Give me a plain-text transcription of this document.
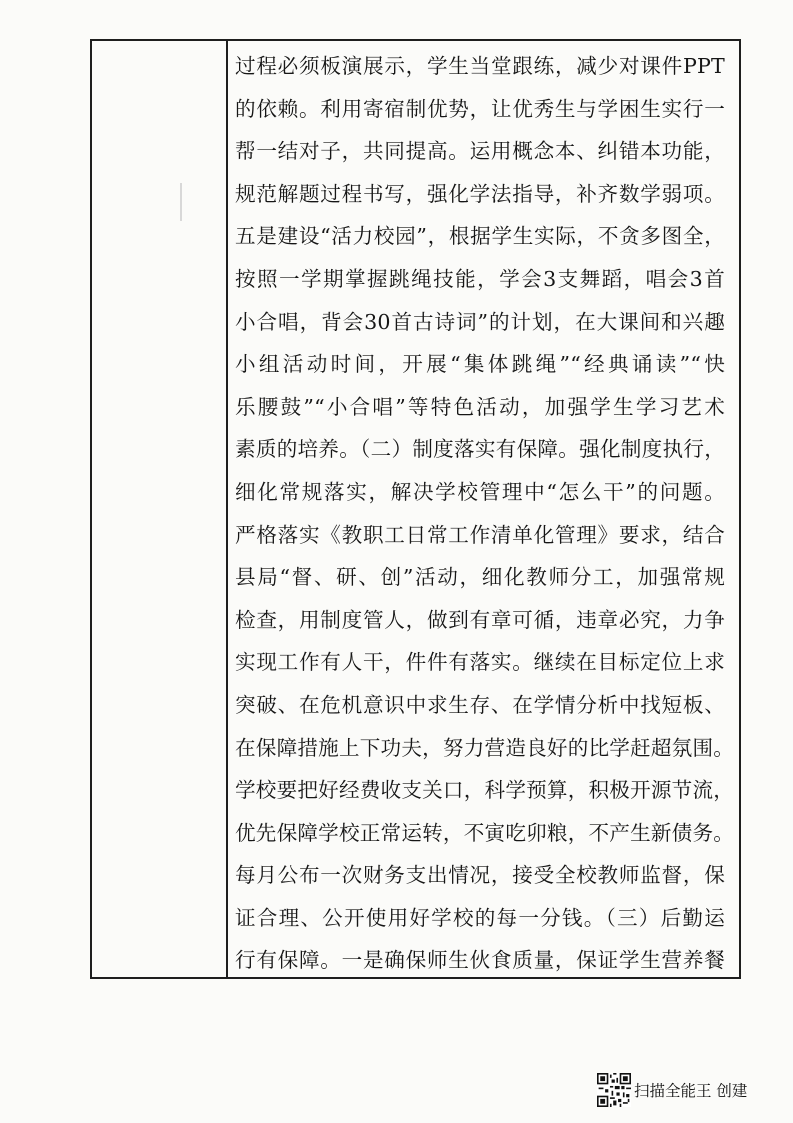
过程必须板演展示，学生当堂跟练，减少对课件PPT
的依赖。利用寄宿制优势，让优秀生与学困生实行一
帮一结对子，共同提高。运用概念本、纠错本功能，
规范解题过程书写，强化学法指导，补齐数学弱项。
五是建设“活力校园”，根据学生实际，不贪多图全，
按照一学期掌握跳绳技能，学会3支舞蹈，唱会3首
小合唱，背会30首古诗词”的计划，在大课间和兴趣
小组活动时间，开展“集体跳绳”“经典诵读”“快
乐腰鼓”“小合唱”等特色活动，加强学生学习艺术
素质的培养。（二）制度落实有保障。强化制度执行，
细化常规落实，解决学校管理中“怎么干”的问题。
严格落实《教职工日常工作清单化管理》要求，结合
县局“督、研、创”活动，细化教师分工，加强常规
检查，用制度管人，做到有章可循，违章必究，力争
实现工作有人干，件件有落实。继续在目标定位上求
突破、在危机意识中求生存、在学情分析中找短板、
在保障措施上下功夫，努力营造良好的比学赶超氛围。
学校要把好经费收支关口，科学预算，积极开源节流，
优先保障学校正常运转，不寅吃卯粮，不产生新债务。
每月公布一次财务支出情况，接受全校教师监督，保
证合理、公开使用好学校的每一分钱。（三）后勤运
行有保障。一是确保师生伙食质量，保证学生营养餐
扫描全能王 创建
